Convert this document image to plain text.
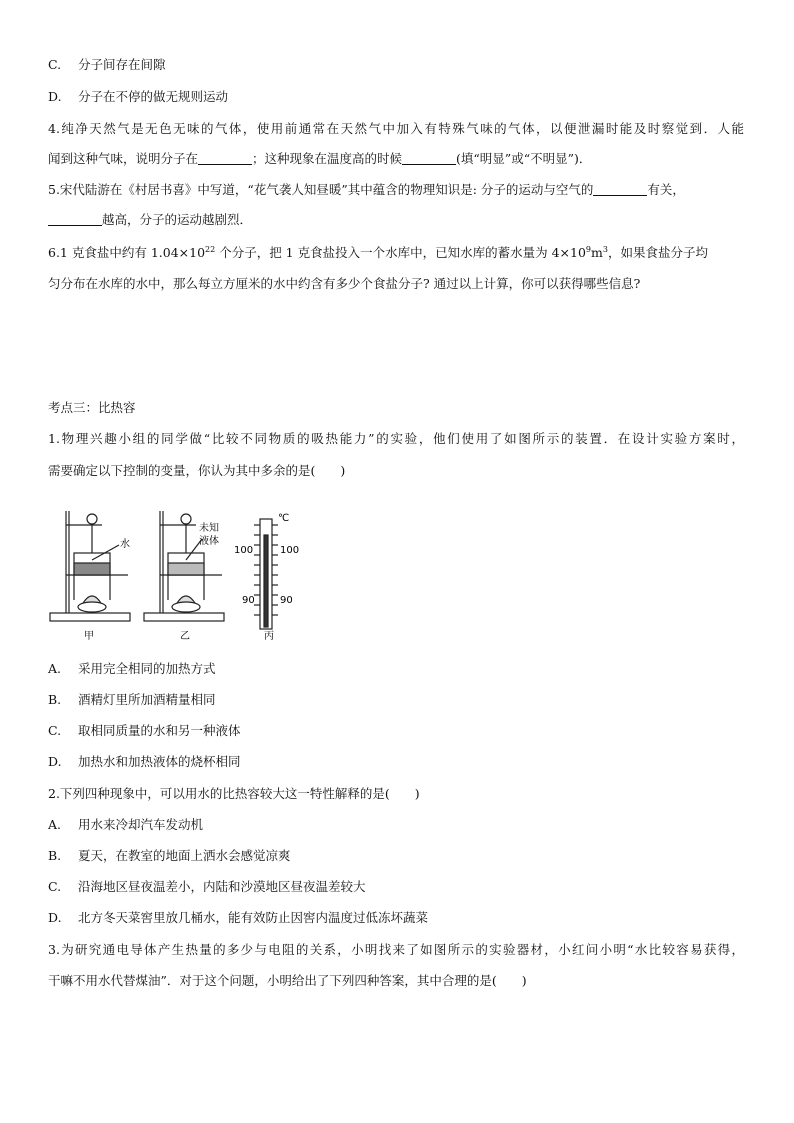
C. 分子间存在间隙
D. 分子在不停的做无规则运动
4.纯净天然气是无色无味的气体，使用前通常在天然气中加入有特殊气味的气体，以便泄漏时能及时察觉到．人能
闻到这种气味，说明分子在	；这种现象在温度高的时候	(填“明显”或“不明显”)．
5.宋代陆游在《村居书喜》中写道，“花气袭人知昼暖”其中蕴含的物理知识是: 分子的运动与空气的	有关，
越高，分子的运动越剧烈．
6.1 克食盐中约有 $1.04\times 10^{22}$ 个分子，把 1 克食盐投入一个水库中，已知水库的蓄水量为 $4\times 10^9m^3$，如果食盐分子均
匀分布在水库的水中，那么每立方厘米的水中约含有多少个食盐分子? 通过以上计算，你可以获得哪些信息?
考点三：比热容
1.物理兴趣小组的同学做“比较不同物质的吸热能力”的实验，他们使用了如图所示的装置．在设计实验方案时，
需要确定以下控制的变量，你认为其中多余的是(　　)
水
未知
液体
℃
100	100
90	90
甲	乙	丙
A. 采用完全相同的加热方式
B. 酒精灯里所加酒精量相同
C. 取相同质量的水和另一种液体
D. 加热水和加热液体的烧杯相同
2.下列四种现象中，可以用水的比热容较大这一特性解释的是(　　)
A. 用水来冷却汽车发动机
B. 夏天，在教室的地面上洒水会感觉凉爽
C. 沿海地区昼夜温差小，内陆和沙漠地区昼夜温差较大
D. 北方冬天菜窖里放几桶水，能有效防止因窖内温度过低冻坏蔬菜
3.为研究通电导体产生热量的多少与电阻的关系，小明找来了如图所示的实验器材，小红问小明“水比较容易获得，
干嘛不用水代替煤油”．对于这个问题，小明给出了下列四种答案，其中合理的是(　　)
